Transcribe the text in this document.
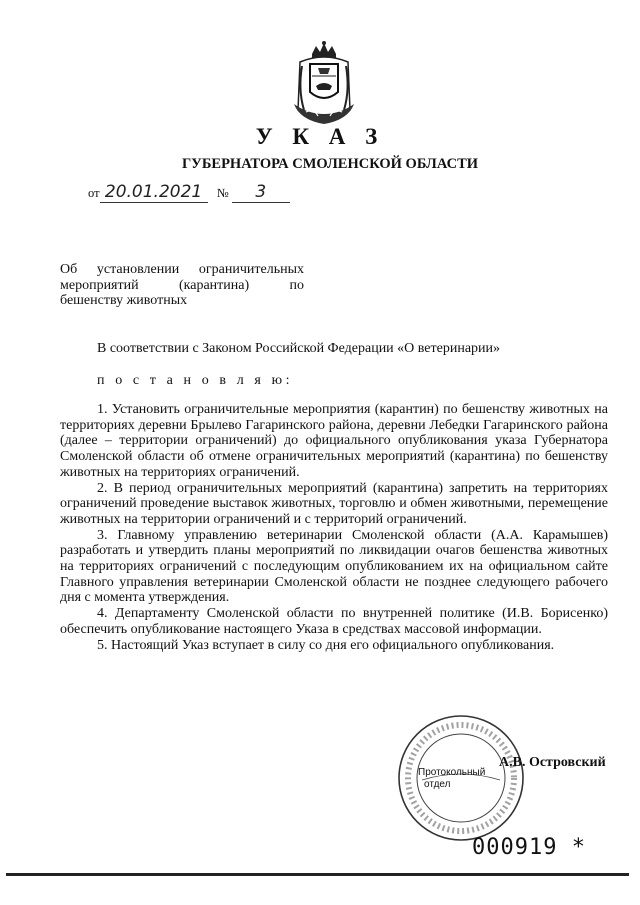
У К А З
ГУБЕРНАТОРА СМОЛЕНСКОЙ ОБЛАСТИ
от 20.01.2021 № 3
Об установлении ограничительных
мероприятий (карантина) по
бешенству животных
В соответствии с Законом Российской Федерации «О ветеринарии»
п о с т а н о в л я ю:

1. Установить ограничительные мероприятия (карантин) по бешенству животных на территориях деревни Брылево Гагаринского района, деревни Лебедки Гагаринского района (далее – территории ограничений) до официального опубликования указа Губернатора Смоленской области об отмене ограничительных мероприятий (карантина) по бешенству животных на территориях ограничений.

2. В период ограничительных мероприятий (карантина) запретить на территориях ограничений проведение выставок животных, торговлю и обмен животными, перемещение животных на территории ограничений и с территорий ограничений.

3. Главному управлению ветеринарии Смоленской области (А.А. Карамышев) разработать и утвердить планы мероприятий по ликвидации очагов бешенства животных на территориях ограничений с последующим опубликованием их на официальном сайте Главного управления ветеринарии Смоленской области не позднее следующего рабочего дня с момента утверждения.

4. Департаменту Смоленской области по внутренней политике (И.В. Борисенко) обеспечить опубликование настоящего Указа в средствах массовой информации.

5. Настоящий Указ вступает в силу со дня его официального опубликования.

Протокольный
отдел
А.В. Островский
000919 *
